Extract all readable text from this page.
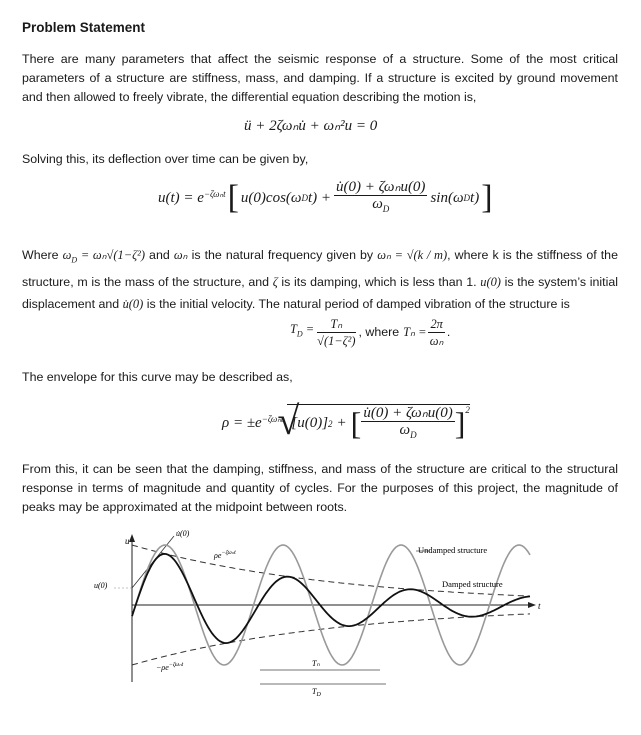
Problem Statement
There are many parameters that affect the seismic response of a structure. Some of the most critical parameters of a structure are stiffness, mass, and damping. If a structure is excited by ground movement and then allowed to freely vibrate, the differential equation describing the motion is,
ü + 2ζωₙu̇ + ωₙ²u = 0
Solving this, its deflection over time can be given by,
$u(t) = e^{-\zeta\omega_nt}$ [ u(0)cos(ω D $t) + \frac{\text{u̇(0) + ζωₙu(0)}}{\omega_D} \sin(\omega$ D t) ]
Where $\omega_D = \omega_n√(1-\zeta^2)$ and ωₙ is the natural frequency given by ωₙ = √(k / m), where k is the stiffness of the structure, m is the mass of the structure, and ζ is its damping, which is less than 1. u(0) is the system’s initial displacement and u̇(0) is the initial velocity. The natural period of damped vibration of the structure is
$T_D = \frac{\text{Tₙ}}{\text{√(1−ζ²)}}$ , where $T_n = \frac{2\pi}{\text{ωₙ}}$ .
The envelope for this curve may be described as,
$\rho = \pm e^{-\zeta\omega_nt}$
√
[u(0)] 2 + [ $\frac{\text{u̇(0) + ζωₙu(0)}}{\omega_D} ]^2$
From this, it can be seen that the damping, stiffness, and mass of the structure are critical to the structural response in terms of magnitude and quantity of cycles. For the purposes of this project, the magnitude of peaks may be approximated at the midpoint between roots.
u
t
u(0)
u̇(0)
$\rho e^{-\zeta\omega_nt}$
$-\rho e^{-\zeta\omega_nt}$
Undamped structure
Damped structure
Tₙ
$T_D$
